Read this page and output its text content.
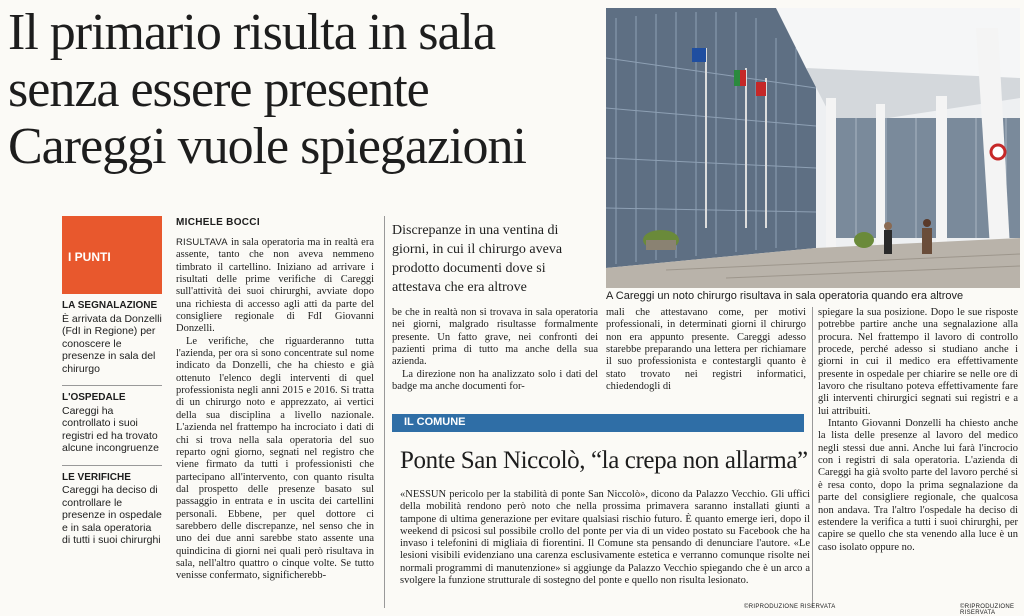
Il primario risulta in sala
senza essere presente
Careggi vuole spiegazioni
A Careggi un noto chirurgo risultava in sala operatoria quando era altrove
I PUNTI
LA SEGNALAZIONE
È arrivata da Donzelli (FdI in Regione) per conoscere le presenze in sala del chirurgo
L'OSPEDALE
Careggi ha controllato i suoi registri ed ha trovato alcune incongruenze
LE VERIFICHE
Careggi ha deciso di controllare le presenze in ospedale e in sala operatoria di tutti i suoi chirurghi
MICHELE BOCCI

RISULTAVA in sala operatoria ma in realtà era assente, tanto che non aveva nemmeno timbrato il cartellino. Iniziano ad arrivare i risultati delle prime verifiche di Careggi sull'attività dei suoi chirurghi, avviate dopo una richiesta di accesso agli atti da parte del consigliere regionale di FdI Giovanni Donzelli.

Le verifiche, che riguarderanno tutta l'azienda, per ora si sono concentrate sul nome indicato da Donzelli, che ha chiesto e già ottenuto l'elenco degli interventi di quel professionista negli anni 2015 e 2016. Si tratta di un chirurgo noto e apprezzato, ai vertici della sua disciplina a livello nazionale. L'azienda nel frattempo ha incrociato i dati di chi si trova nella sala operatoria del suo reparto ogni giorno, segnati nel registro che viene firmato da tutti i professionisti che partecipano all'intervento, con quanto risulta dal prospetto delle presenze basato sul passaggio in entrata e in uscita dei cartellini personali. Ebbene, per quel dottore ci sarebbero delle discrepanze, nel senso che in uno dei due anni sarebbe stato assente una quindicina di giorni nei quali però risultava in sala, nell'altro quattro o cinque volte. Se tutto venisse confermato, significherebb-

Discrepanze in una ventina di giorni, in cui il chirurgo aveva prodotto documenti dove si attestava che era altrove

be che in realtà non si trovava in sala operatoria nei giorni, malgrado risultasse formalmente presente. Un fatto grave, nei confronti dei pazienti prima di tutto ma anche della sua azienda.

La direzione non ha analizzato solo i dati del badge ma anche documenti for-

mali che attestavano come, per motivi professionali, in determinati giorni il chirurgo non era appunto presente. Careggi adesso starebbe preparando una lettera per richiamare il suo professionista e contestargli quanto è stato trovato nei registri informatici, chiedendogli di

spiegare la sua posizione. Dopo le sue risposte potrebbe partire anche una segnalazione alla procura. Nel frattempo il lavoro di controllo procede, perché adesso si studiano anche i giorni in cui il medico era effettivamente presente in ospedale per chiarire se nelle ore di lavoro che risultano poteva effettivamente fare gli interventi chirurgici segnati sui registri e a lui attribuiti.

Intanto Giovanni Donzelli ha chiesto anche la lista delle presenze al lavoro del medico negli stessi due anni. Anche lui farà l'incrocio con i registri di sala operatoria. L'azienda di Careggi ha già svolto parte del lavoro perché si è resa conto, dopo la prima segnalazione da parte del consigliere regionale, che qualcosa non andava. Tra l'altro l'ospedale ha deciso di estendere la verifica a tutti i suoi chirurghi, per capire se quello che sta venendo alla luce è un caso isolato oppure no.

©RIPRODUZIONE RISERVATA
IL COMUNE
Ponte San Niccolò, “la crepa non allarma”
«NESSUN pericolo per la stabilità di ponte San Niccolò», dicono da Palazzo Vecchio. Gli uffici della mobilità rendono però noto che nella prossima primavera saranno installati giunti a tampone di ultima generazione per evitare qualsiasi rischio futuro. È quanto emerge ieri, dopo il weekend di psicosi sul possibile crollo del ponte per via di un video postato su Facebook che ha invaso i telefonini di migliaia di fiorentini. Il Comune sta pensando di denunciare l'autore. «Le lesioni visibili evidenziano una carenza esclusivamente estetica e verranno comunque risolte nei normali programmi di manutenzione» si aggiunge da Palazzo Vecchio spiegando che è un arco a svolgere la funzione strutturale di sostegno del ponte e quello non risulta lesionato.
©RIPRODUZIONE RISERVATA
